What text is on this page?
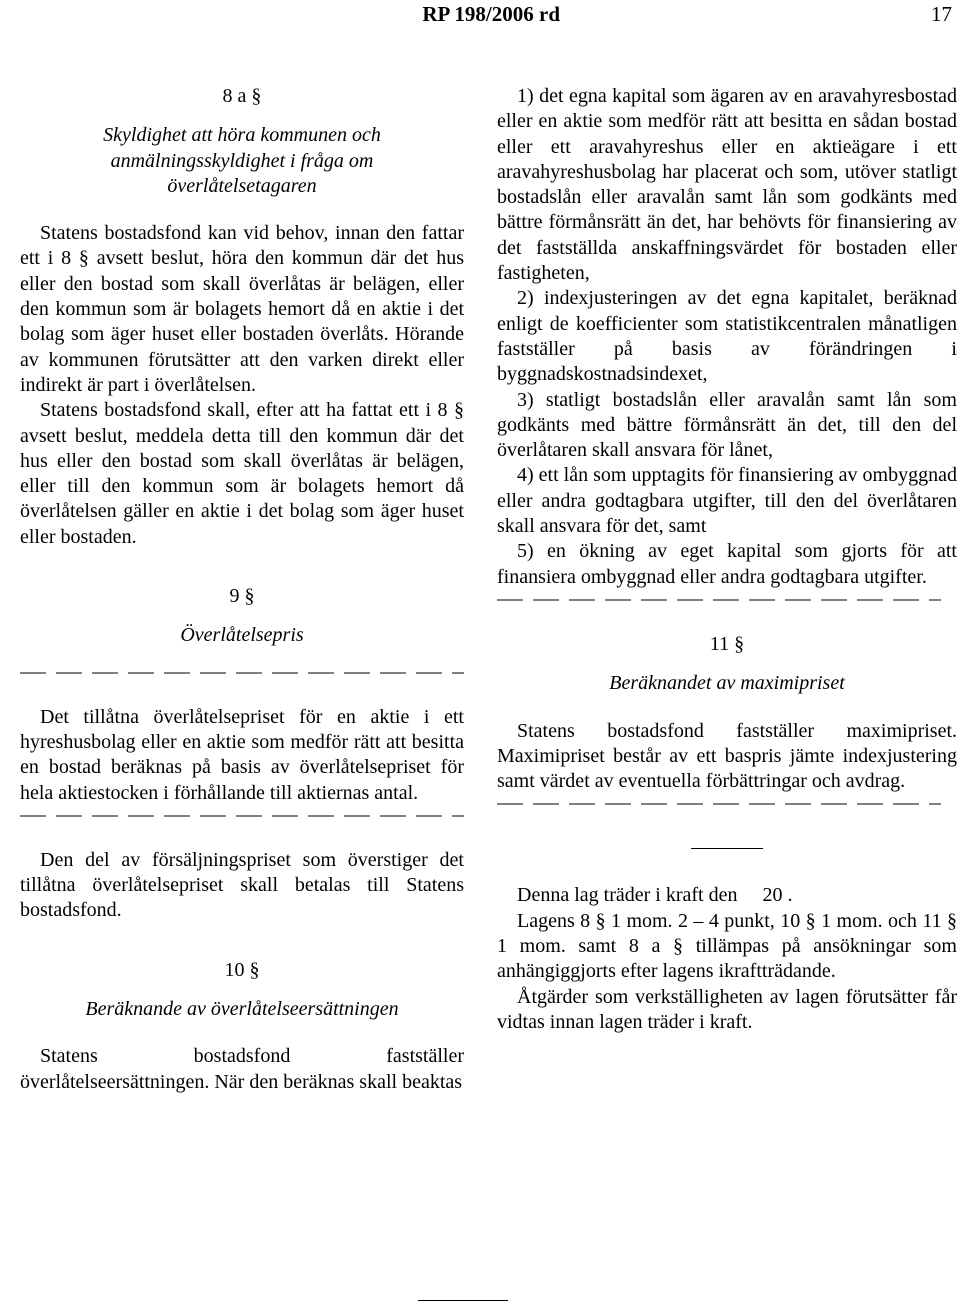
RP 198/2006 rd	17

8 a §

Skyldighet att höra kommunen och anmälningsskyldighet i fråga om överlåtelsetagaren

Statens bostadsfond kan vid behov, innan den fattar ett i 8 § avsett beslut, höra den kommun där det hus eller den bostad som skall överlåtas är belägen, eller den kommun som är bolagets hemort då en aktie i det bolag som äger huset eller bostaden överlåts. Hörande av kommunen förutsätter att den varken direkt eller indirekt är part i överlåtelsen.

Statens bostadsfond skall, efter att ha fattat ett i 8 § avsett beslut, meddela detta till den kommun där det hus eller den bostad som skall överlåtas är belägen, eller till den kommun som är bolagets hemort då överlåtelsen gäller en aktie i det bolag som äger huset eller bostaden.

9 §

Överlåtelsepris

Det tillåtna överlåtelsepriset för en aktie i ett hyreshusbolag eller en aktie som medför rätt att besitta en bostad beräknas på basis av överlåtelsepriset för hela aktiestocken i förhållande till aktiernas antal.

Den del av försäljningspriset som överstiger det tillåtna överlåtelsepriset skall betalas till Statens bostadsfond.

10 §

Beräknande av överlåtelseersättningen

Statens bostadsfond fastställer överlåtelseersättningen. När den beräknas skall beaktas

1) det egna kapital som ägaren av en aravahyresbostad eller en aktie som medför rätt att besitta en sådan bostad eller ett aravahyreshus eller en aktieägare i ett aravahyreshusbolag har placerat och som, utöver statligt bostadslån eller aravalån samt lån som godkänts med bättre förmånsrätt än det, har behövts för finansiering av det fastställda anskaffningsvärdet för bostaden eller fastigheten,

2) indexjusteringen av det egna kapitalet, beräknad enligt de koefficienter som statistikcentralen månatligen fastställer på basis av förändringen i byggnadskostnadsindexet,

3) statligt bostadslån eller aravalån samt lån som godkänts med bättre förmånsrätt än det, till den del överlåtaren skall ansvara för lånet,

4) ett lån som upptagits för finansiering av ombyggnad eller andra godtagbara utgifter, till den del överlåtaren skall ansvara för det, samt

5) en ökning av eget kapital som gjorts för att finansiera ombyggnad eller andra godtagbara utgifter.

11 §

Beräknandet av maximipriset

Statens bostadsfond fastställer maximipriset. Maximipriset består av ett baspris jämte indexjustering samt värdet av eventuella förbättringar och avdrag.

Denna lag träder i kraft den 20 .

Lagens 8 § 1 mom. 2 – 4 punkt, 10 § 1 mom. och 11 § 1 mom. samt 8 a § tillämpas på ansökningar som anhängiggjorts efter lagens ikraftträdande.

Åtgärder som verkställigheten av lagen förutsätter får vidtas innan lagen träder i kraft.
